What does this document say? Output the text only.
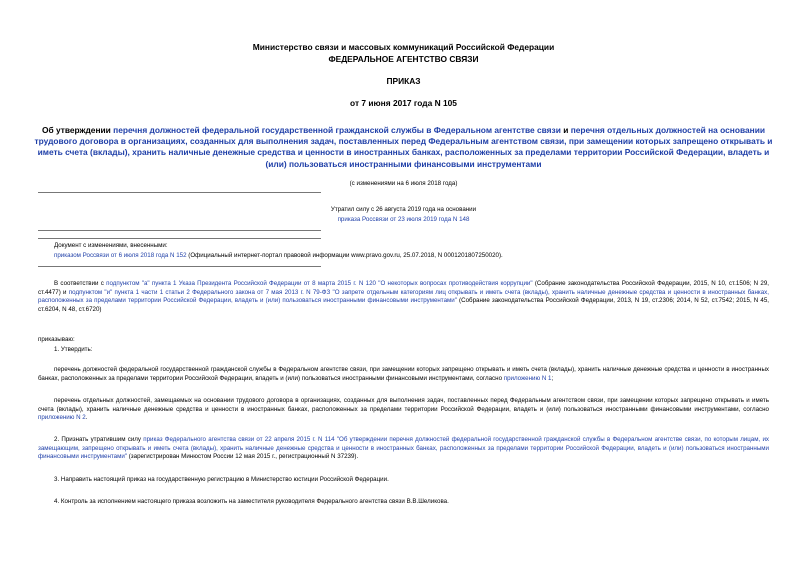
Министерство связи и массовых коммуникаций Российской Федерации
ФЕДЕРАЛЬНОЕ АГЕНТСТВО СВЯЗИ
ПРИКАЗ
от 7 июня 2017 года N 105
Об утверждении перечня должностей федеральной государственной гражданской службы в Федеральном агентстве связи и перечня отдельных должностей на основании трудового договора в организациях, созданных для выполнения задач, поставленных перед Федеральным агентством связи, при замещении которых запрещено открывать и иметь счета (вклады), хранить наличные денежные средства и ценности в иностранных банках, расположенных за пределами территории Российской Федерации, владеть и (или) пользоваться иностранными финансовыми инструментами
(с изменениями на 6 июля 2018 года)
Утратил силу с 26 августа 2019 года на основании
приказа Россвязи от 23 июля 2019 года N 148
Документ с изменениями, внесенными:
приказом Россвязи от 6 июля 2018 года N 152 (Официальный интернет-портал правовой информации www.pravo.gov.ru, 25.07.2018, N 0001201807250020).
В соответствии с подпунктом "а" пункта 1 Указа Президента Российской Федерации от 8 марта 2015 г. N 120 "О некоторых вопросах противодействия коррупции" (Собрание законодательства Российской Федерации, 2015, N 10, ст.1506; N 29, ст.4477) и подпунктом "и" пункта 1 части 1 статьи 2 Федерального закона от 7 мая 2013 г. N 79-ФЗ "О запрете отдельным категориям лиц открывать и иметь счета (вклады), хранить наличные денежные средства и ценности в иностранных банках, расположенных за пределами территории Российской Федерации, владеть и (или) пользоваться иностранными финансовыми инструментами" (Собрание законодательства Российской Федерации, 2013, N 19, ст.2306; 2014, N 52, ст.7542; 2015, N 45, ст.6204, N 48, ст.6720)
приказываю:
1. Утвердить:
перечень должностей федеральной государственной гражданской службы в Федеральном агентстве связи, при замещении которых запрещено открывать и иметь счета (вклады), хранить наличные денежные средства и ценности в иностранных банках, расположенных за пределами территории Российской Федерации, владеть и (или) пользоваться иностранными финансовыми инструментами, согласно приложению N 1;
перечень отдельных должностей, замещаемых на основании трудового договора в организациях, созданных для выполнения задач, поставленных перед Федеральным агентством связи, при замещении которых запрещено открывать и иметь счета (вклады), хранить наличные денежные средства и ценности в иностранных банках, расположенных за пределами территории Российской Федерации, владеть и (или) пользоваться иностранными финансовыми инструментами, согласно приложению N 2.
2. Признать утратившим силу приказ Федерального агентства связи от 22 апреля 2015 г. N 114 "Об утверждении перечня должностей федеральной государственной гражданской службы в Федеральном агентстве связи, по которым лицам, их замещающим, запрещено открывать и иметь счета (вклады), хранить наличные денежные средства и ценности в иностранных банках, расположенных за пределами территории Российской Федерации, владеть и (или) пользоваться иностранными финансовыми инструментами" (зарегистрирован Минюстом России 12 мая 2015 г., регистрационный N 37239).
3. Направить настоящий приказ на государственную регистрацию в Министерство юстиции Российской Федерации.
4. Контроль за исполнением настоящего приказа возложить на заместителя руководителя Федерального агентства связи В.В.Шеликова.
